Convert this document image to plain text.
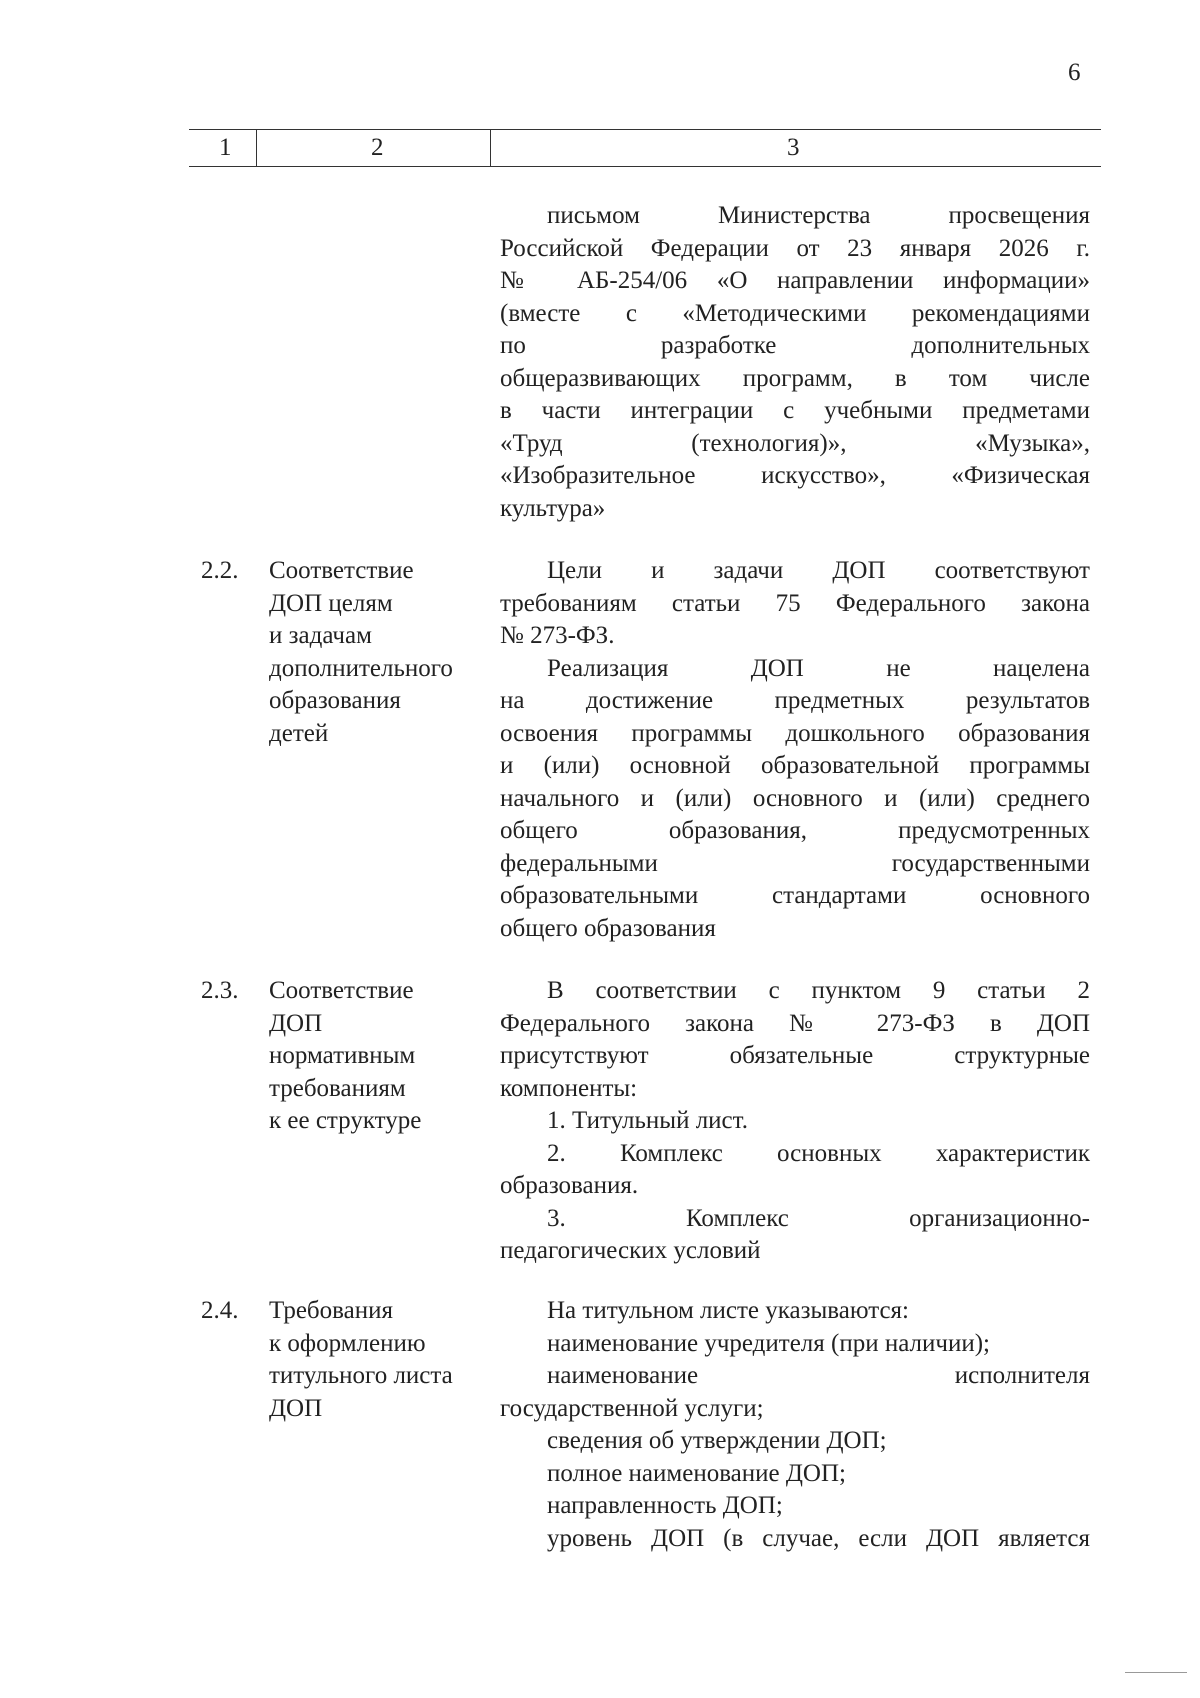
6
1	2	3
письмом Министерства просвещения
Российской Федерации от 23 января 2026 г.
№ АБ-254/06 «О направлении информации»
(вместе с «Методическими рекомендациями
по разработке дополнительных
общеразвивающих программ, в том числе
в части интеграции с учебными предметами
«Труд (технология)», «Музыка»,
«Изобразительное искусство», «Физическая
культура»
2.2. Соответствие
ДОП целям
и задачам
дополнительного
образования
детей
Цели и задачи ДОП соответствуют
требованиям статьи 75 Федерального закона
№ 273-ФЗ.
Реализация ДОП не нацелена
на достижение предметных результатов
освоения программы дошкольного образования
и (или) основной образовательной программы
начального и (или) основного и (или) среднего
общего образования, предусмотренных
федеральными государственными
образовательными стандартами основного
общего образования
2.3. Соответствие
ДОП
нормативным
требованиям
к ее структуре
В соответствии с пунктом 9 статьи 2
Федерального закона № 273-ФЗ в ДОП
присутствуют обязательные структурные
компоненты:
1. Титульный лист.
2. Комплекс основных характеристик
образования.
3. Комплекс организационно-
педагогических условий
2.4. Требования
к оформлению
титульного листа
ДОП
На титульном листе указываются:
наименование учредителя (при наличии);
наименование исполнителя
государственной услуги;
сведения об утверждении ДОП;
полное наименование ДОП;
направленность ДОП;
уровень ДОП (в случае, если ДОП является
